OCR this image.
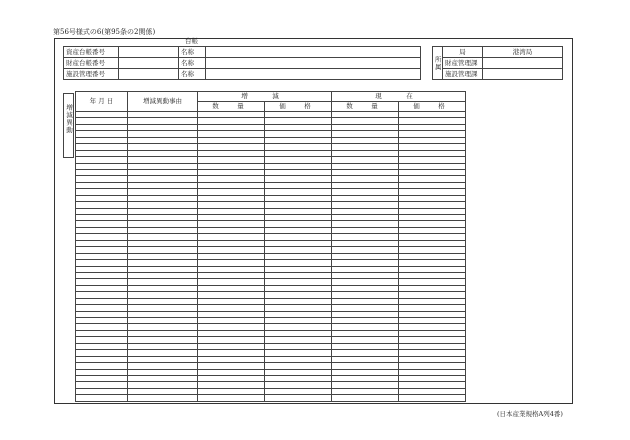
第56号様式の6(第95条の2関係)
台帳
資産台帳番号		名称	
財産台帳番号		名称	
施設管理番号		名称	
所属	局	港湾局
	財産管理課	
	施設管理課	
増減異動
年 月 日	増減異動事由	増　減		現　在	
		数　量	価　格	数　量	価　格

(日本産業規格A列4番)
